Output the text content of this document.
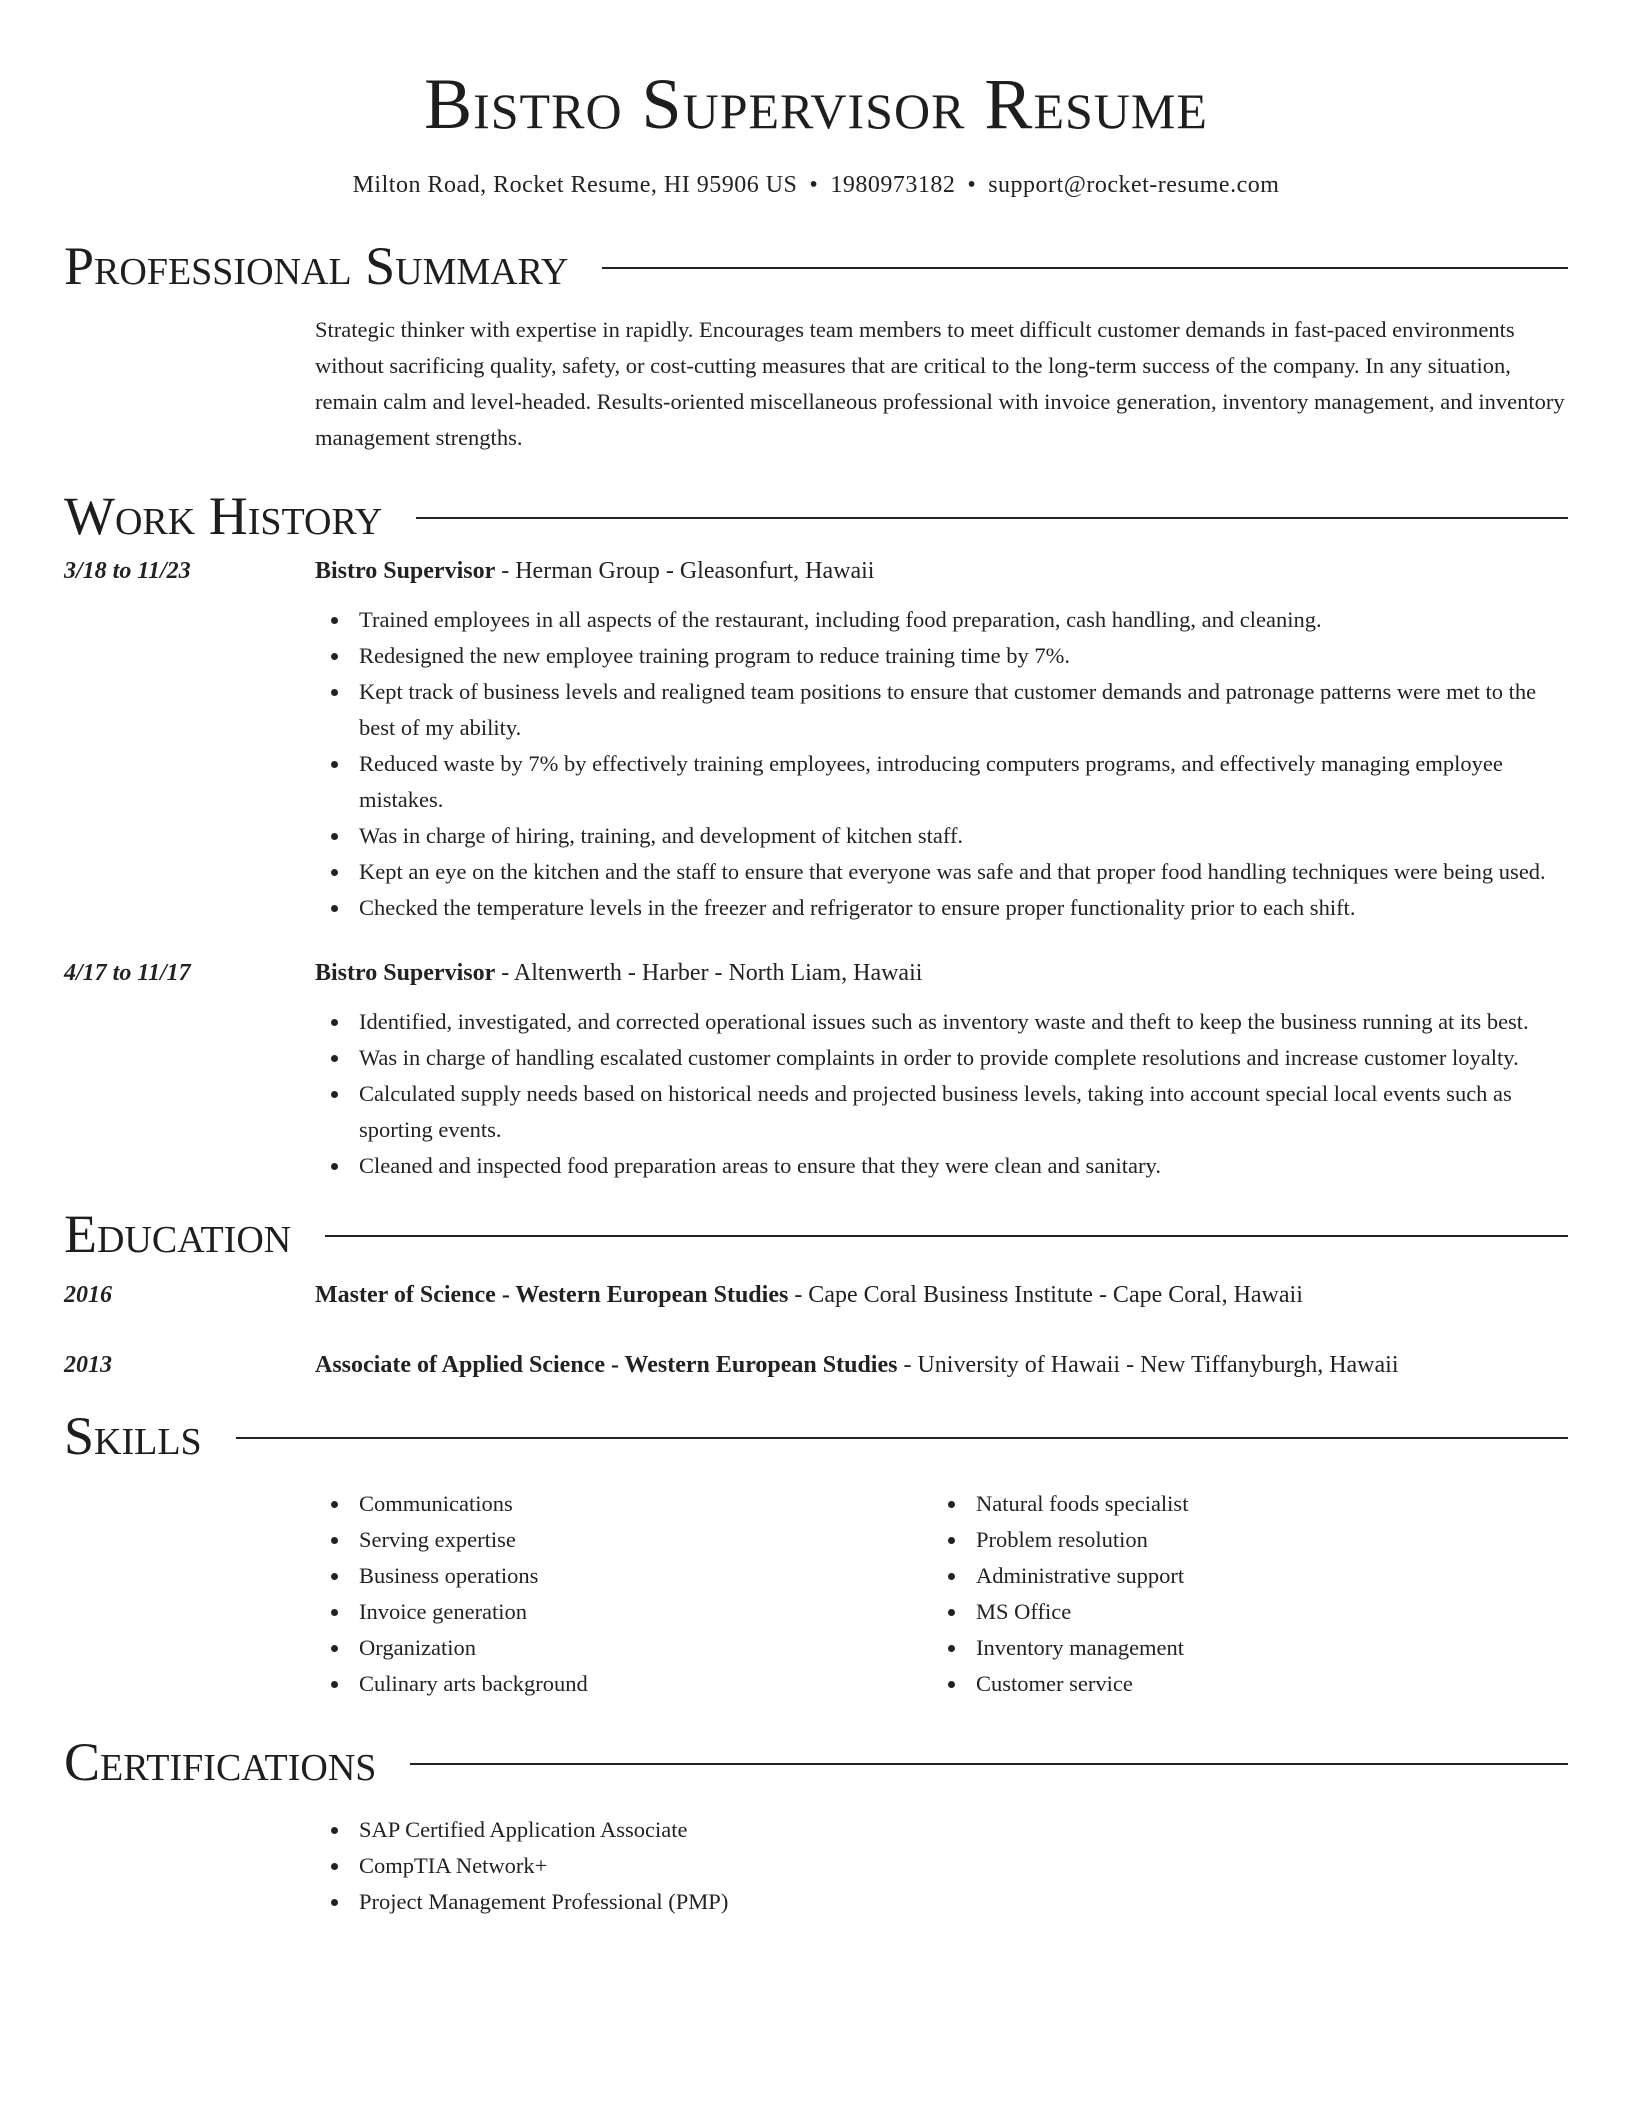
Bistro Supervisor Resume
Milton Road, Rocket Resume, HI 95906 US • 1980973182 • support@rocket-resume.com
Professional Summary
Strategic thinker with expertise in rapidly. Encourages team members to meet difficult customer demands in fast-paced environments without sacrificing quality, safety, or cost-cutting measures that are critical to the long-term success of the company. In any situation, remain calm and level-headed. Results-oriented miscellaneous professional with invoice generation, inventory management, and inventory management strengths.
Work History
3/18 to 11/23	Bistro Supervisor - Herman Group - Gleasonfurt, Hawaii
Trained employees in all aspects of the restaurant, including food preparation, cash handling, and cleaning.
Redesigned the new employee training program to reduce training time by 7%.
Kept track of business levels and realigned team positions to ensure that customer demands and patronage patterns were met to the best of my ability.
Reduced waste by 7% by effectively training employees, introducing computers programs, and effectively managing employee mistakes.
Was in charge of hiring, training, and development of kitchen staff.
Kept an eye on the kitchen and the staff to ensure that everyone was safe and that proper food handling techniques were being used.
Checked the temperature levels in the freezer and refrigerator to ensure proper functionality prior to each shift.
4/17 to 11/17	Bistro Supervisor - Altenwerth - Harber - North Liam, Hawaii
Identified, investigated, and corrected operational issues such as inventory waste and theft to keep the business running at its best.
Was in charge of handling escalated customer complaints in order to provide complete resolutions and increase customer loyalty.
Calculated supply needs based on historical needs and projected business levels, taking into account special local events such as sporting events.
Cleaned and inspected food preparation areas to ensure that they were clean and sanitary.
Education
2016	Master of Science - Western European Studies - Cape Coral Business Institute - Cape Coral, Hawaii
2013	Associate of Applied Science - Western European Studies - University of Hawaii - New Tiffanyburgh, Hawaii
Skills
Communications
Serving expertise
Business operations
Invoice generation
Organization
Culinary arts background
Natural foods specialist
Problem resolution
Administrative support
MS Office
Inventory management
Customer service
Certifications
SAP Certified Application Associate
CompTIA Network+
Project Management Professional (PMP)
